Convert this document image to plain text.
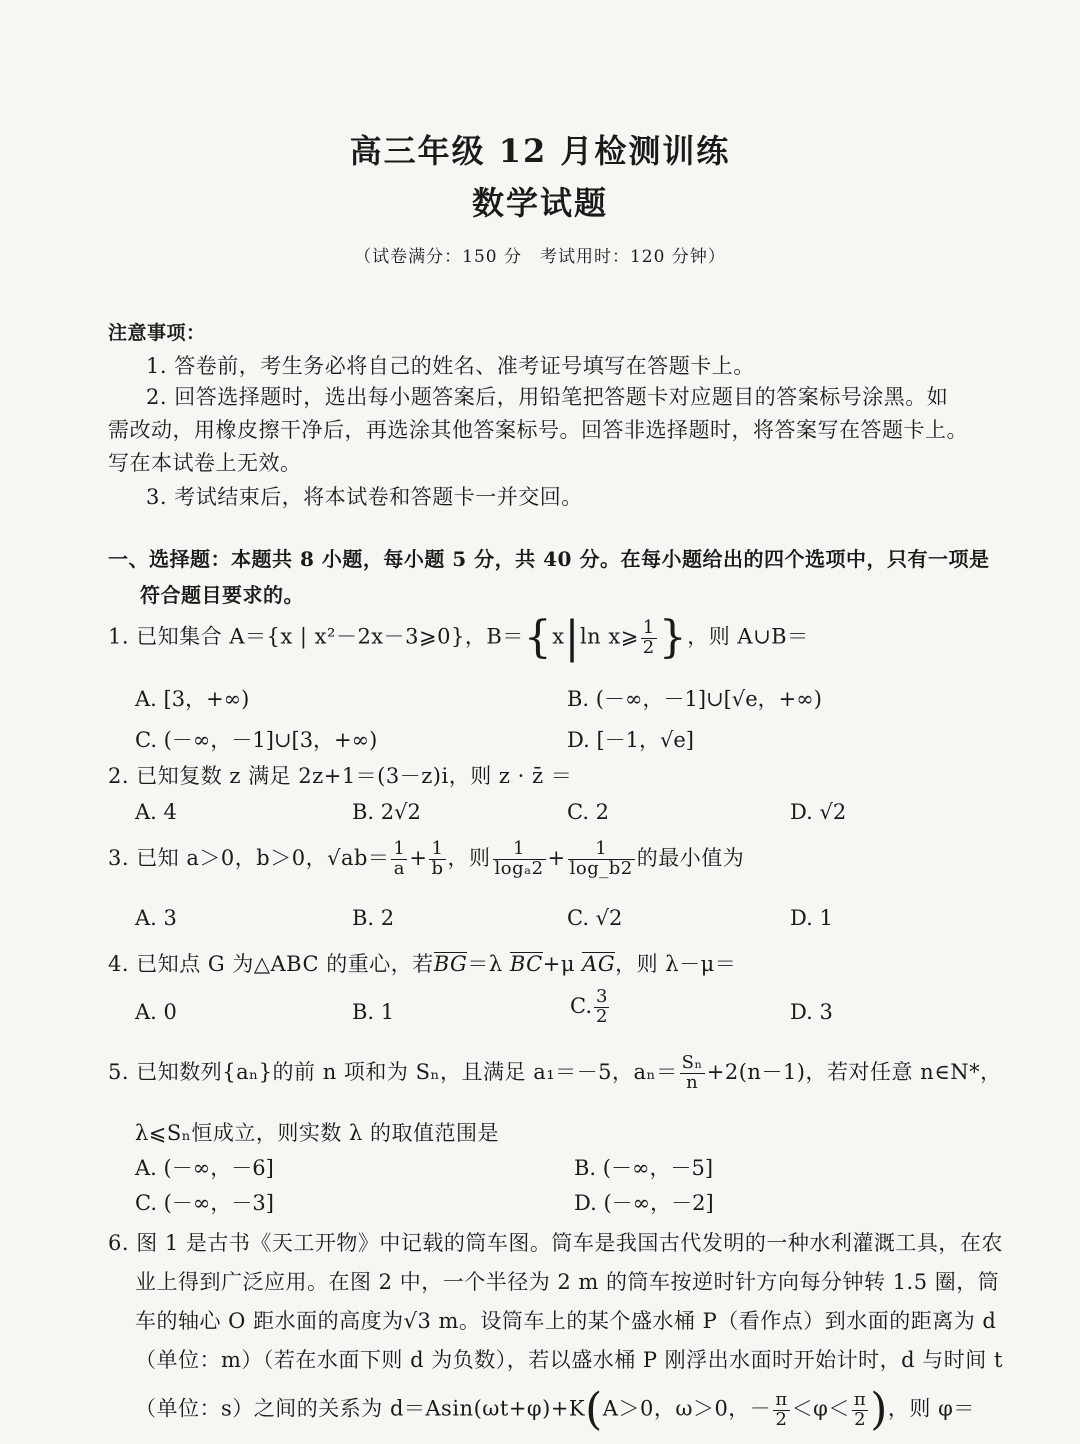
高三年级 12 月检测训练
数学试题
（试卷满分：150 分　考试用时：120 分钟）
注意事项：
1. 答卷前，考生务必将自己的姓名、准考证号填写在答题卡上。
2. 回答选择题时，选出每小题答案后，用铅笔把答题卡对应题目的答案标号涂黑。如
需改动，用橡皮擦干净后，再选涂其他答案标号。回答非选择题时，将答案写在答题卡上。
写在本试卷上无效。
3. 考试结束后，将本试卷和答题卡一并交回。
一、选择题：本题共 8 小题，每小题 5 分，共 40 分。在每小题给出的四个选项中，只有一项是
符合题目要求的。
1. 已知集合 A＝{x | x²－2x－3⩾0}，B＝{x|ln x⩾ $\frac{1}{2}$ }，则 A∪B＝
A. [3，+∞)	B. (－∞，－1]∪[√e，+∞)
C. (－∞，－1]∪[3，+∞)	D. [－1，√e]
2. 已知复数 z 满足 2z+1＝(3－z)i，则 z · z̄ ＝
A. 4	B. 2√2	C. 2	D. √2
3. 已知 a＞0，b＞0，$√ab= \frac{1}{a} + \frac{1}{b}$ ，则 $\frac{1}{\text{logₐ2}} + \frac{1}{\log\_b2}$ 的最小值为
A. 3	B. 2	C. √2	D. 1
4. 已知点 G 为△ABC 的重心，若BG＝λ BC+μ AG，则 λ－μ＝
A. 0	B. 1	C. $\frac{3}{2}$	D. 3
5. 已知数列{aₙ}的前 n 项和为 Sₙ，且满足 a₁＝－5，$a_n= \frac{\text{Sₙ}}{n} +2(n-1)$，若对任意 n∈N*，
λ⩽Sₙ恒成立，则实数 λ 的取值范围是
A. (－∞，－6]	B. (－∞，－5]
C. (－∞，－3]	D. (－∞，－2]
6. 图 1 是古书《天工开物》中记载的筒车图。筒车是我国古代发明的一种水利灌溉工具，在农
业上得到广泛应用。在图 2 中，一个半径为 2 m 的筒车按逆时针方向每分钟转 1.5 圈，筒
车的轴心 O 距水面的高度为√3 m。设筒车上的某个盛水桶 P（看作点）到水面的距离为 d
（单位：m）（若在水面下则 d 为负数），若以盛水桶 P 刚浮出水面时开始计时，d 与时间 t
（单位：s）之间的关系为 d＝Asin(ωt+φ)+K(A＞0，ω＞0，－ $\frac{\pi}{2} <\varphi< \frac{\pi}{2}$ )，则 φ＝
